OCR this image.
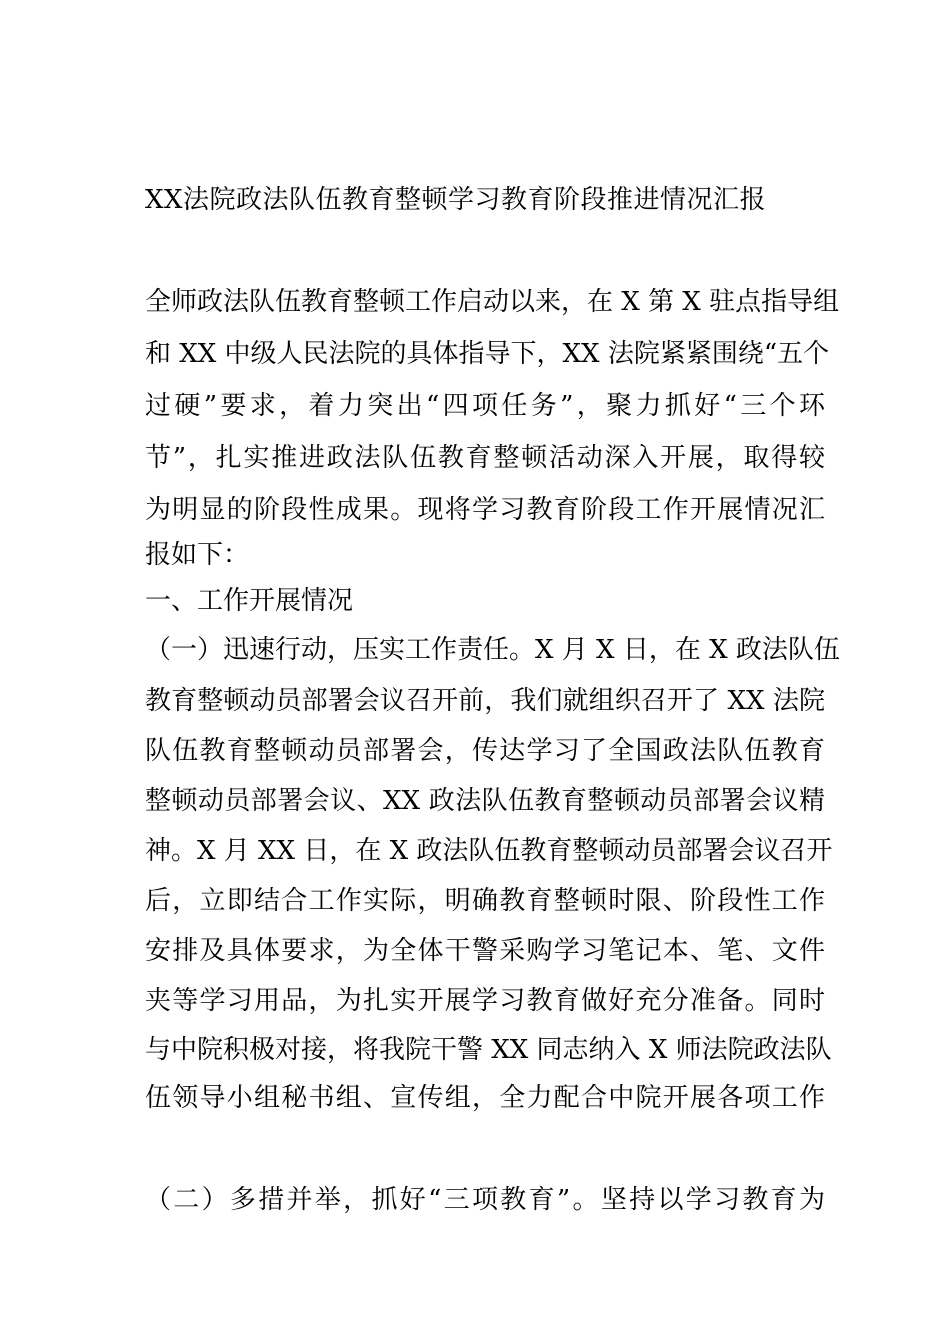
XX法院政法队伍教育整顿学习教育阶段推进情况汇报
全师政法队伍教育整顿工作启动以来，在 X 第 X 驻点指导组
和 XX 中级人民法院的具体指导下，XX 法院紧紧围绕“五个
过硬”要求，着力突出“四项任务”，聚力抓好“三个环
节”，扎实推进政法队伍教育整顿活动深入开展，取得较
为明显的阶段性成果。现将学习教育阶段工作开展情况汇
报如下：
一、工作开展情况
（一）迅速行动，压实工作责任。X 月 X 日，在 X 政法队伍
教育整顿动员部署会议召开前，我们就组织召开了 XX 法院
队伍教育整顿动员部署会，传达学习了全国政法队伍教育
整顿动员部署会议、XX 政法队伍教育整顿动员部署会议精
神。X 月 XX 日，在 X 政法队伍教育整顿动员部署会议召开
后，立即结合工作实际，明确教育整顿时限、阶段性工作
安排及具体要求，为全体干警采购学习笔记本、笔、文件
夹等学习用品，为扎实开展学习教育做好充分准备。同时
与中院积极对接，将我院干警 XX 同志纳入 X 师法院政法队
伍领导小组秘书组、宣传组，全力配合中院开展各项工作
（二）多措并举，抓好“三项教育”。坚持以学习教育为
